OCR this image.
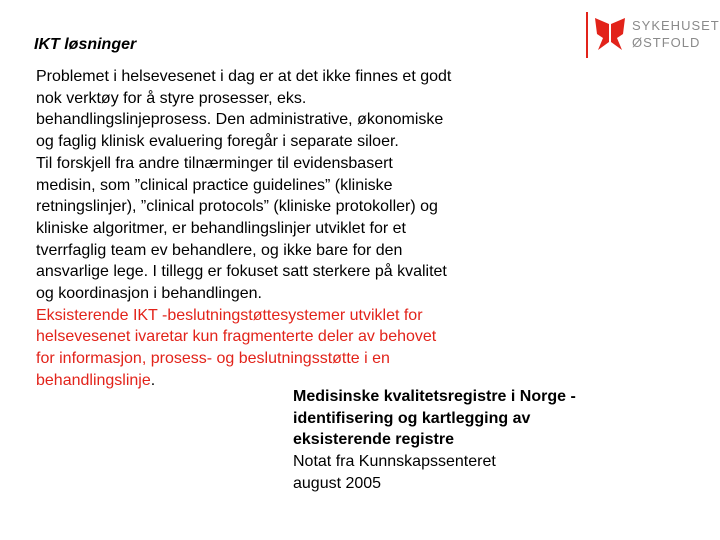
IKT løsninger
SYKEHUSET
ØSTFOLD

Problemet i helsevesenet i dag er at det ikke finnes et godt
nok verktøy for å styre prosesser, eks.
behandlingslinjeprosess. Den administrative, økonomiske
og faglig klinisk evaluering foregår i separate siloer.
Til forskjell fra andre tilnærminger til evidensbasert
medisin, som ”clinical practice guidelines” (kliniske
retningslinjer), ”clinical protocols” (kliniske protokoller) og
kliniske algoritmer, er behandlingslinjer utviklet for et
tverrfaglig team ev behandlere, og ikke bare for den
ansvarlige lege. I tillegg er fokuset satt sterkere på kvalitet
og koordinasjon i behandlingen.
Eksisterende IKT -beslutningstøttesystemer utviklet for
helsevesenet ivaretar kun fragmenterte deler av behovet
for informasjon, prosess- og beslutningsstøtte i en
behandlingslinje.

Medisinske kvalitetsregistre i Norge -
identifisering og kartlegging av
eksisterende registre
Notat fra Kunnskapssenteret
august 2005
